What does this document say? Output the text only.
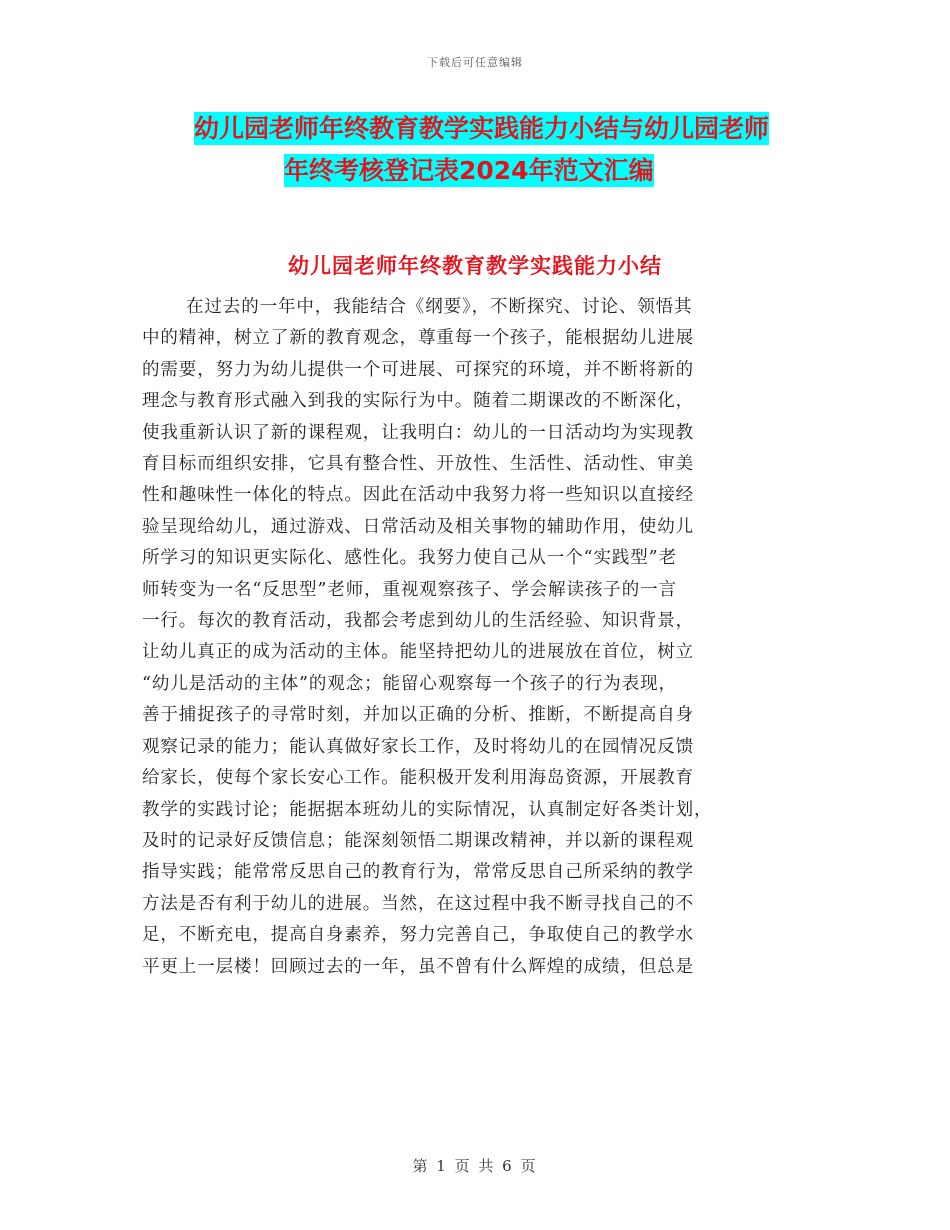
下载后可任意编辑
幼儿园老师年终教育教学实践能力小结与幼儿园老师
年终考核登记表2024年范文汇编
幼儿园老师年终教育教学实践能力小结
在过去的一年中，我能结合《纲要》，不断探究、讨论、领悟其
中的精神，树立了新的教育观念，尊重每一个孩子，能根据幼儿进展
的需要，努力为幼儿提供一个可进展、可探究的环境，并不断将新的
理念与教育形式融入到我的实际行为中。随着二期课改的不断深化，
使我重新认识了新的课程观，让我明白：幼儿的一日活动均为实现教
育目标而组织安排，它具有整合性、开放性、生活性、活动性、审美
性和趣味性一体化的特点。因此在活动中我努力将一些知识以直接经
验呈现给幼儿，通过游戏、日常活动及相关事物的辅助作用，使幼儿
所学习的知识更实际化、感性化。我努力使自己从一个“实践型”老
师转变为一名“反思型”老师，重视观察孩子、学会解读孩子的一言
一行。每次的教育活动，我都会考虑到幼儿的生活经验、知识背景，
让幼儿真正的成为活动的主体。能坚持把幼儿的进展放在首位，树立
“幼儿是活动的主体”的观念；能留心观察每一个孩子的行为表现，
善于捕捉孩子的寻常时刻，并加以正确的分析、推断，不断提高自身
观察记录的能力；能认真做好家长工作，及时将幼儿的在园情况反馈
给家长，使每个家长安心工作。能积极开发利用海岛资源，开展教育
教学的实践讨论；能据据本班幼儿的实际情况，认真制定好各类计划，
及时的记录好反馈信息；能深刻领悟二期课改精神，并以新的课程观
指导实践；能常常反思自己的教育行为，常常反思自己所采纳的教学
方法是否有利于幼儿的进展。当然，在这过程中我不断寻找自己的不
足，不断充电，提高自身素养，努力完善自己，争取使自己的教学水
平更上一层楼！回顾过去的一年，虽不曾有什么辉煌的成绩，但总是
第 1 页 共 6 页
